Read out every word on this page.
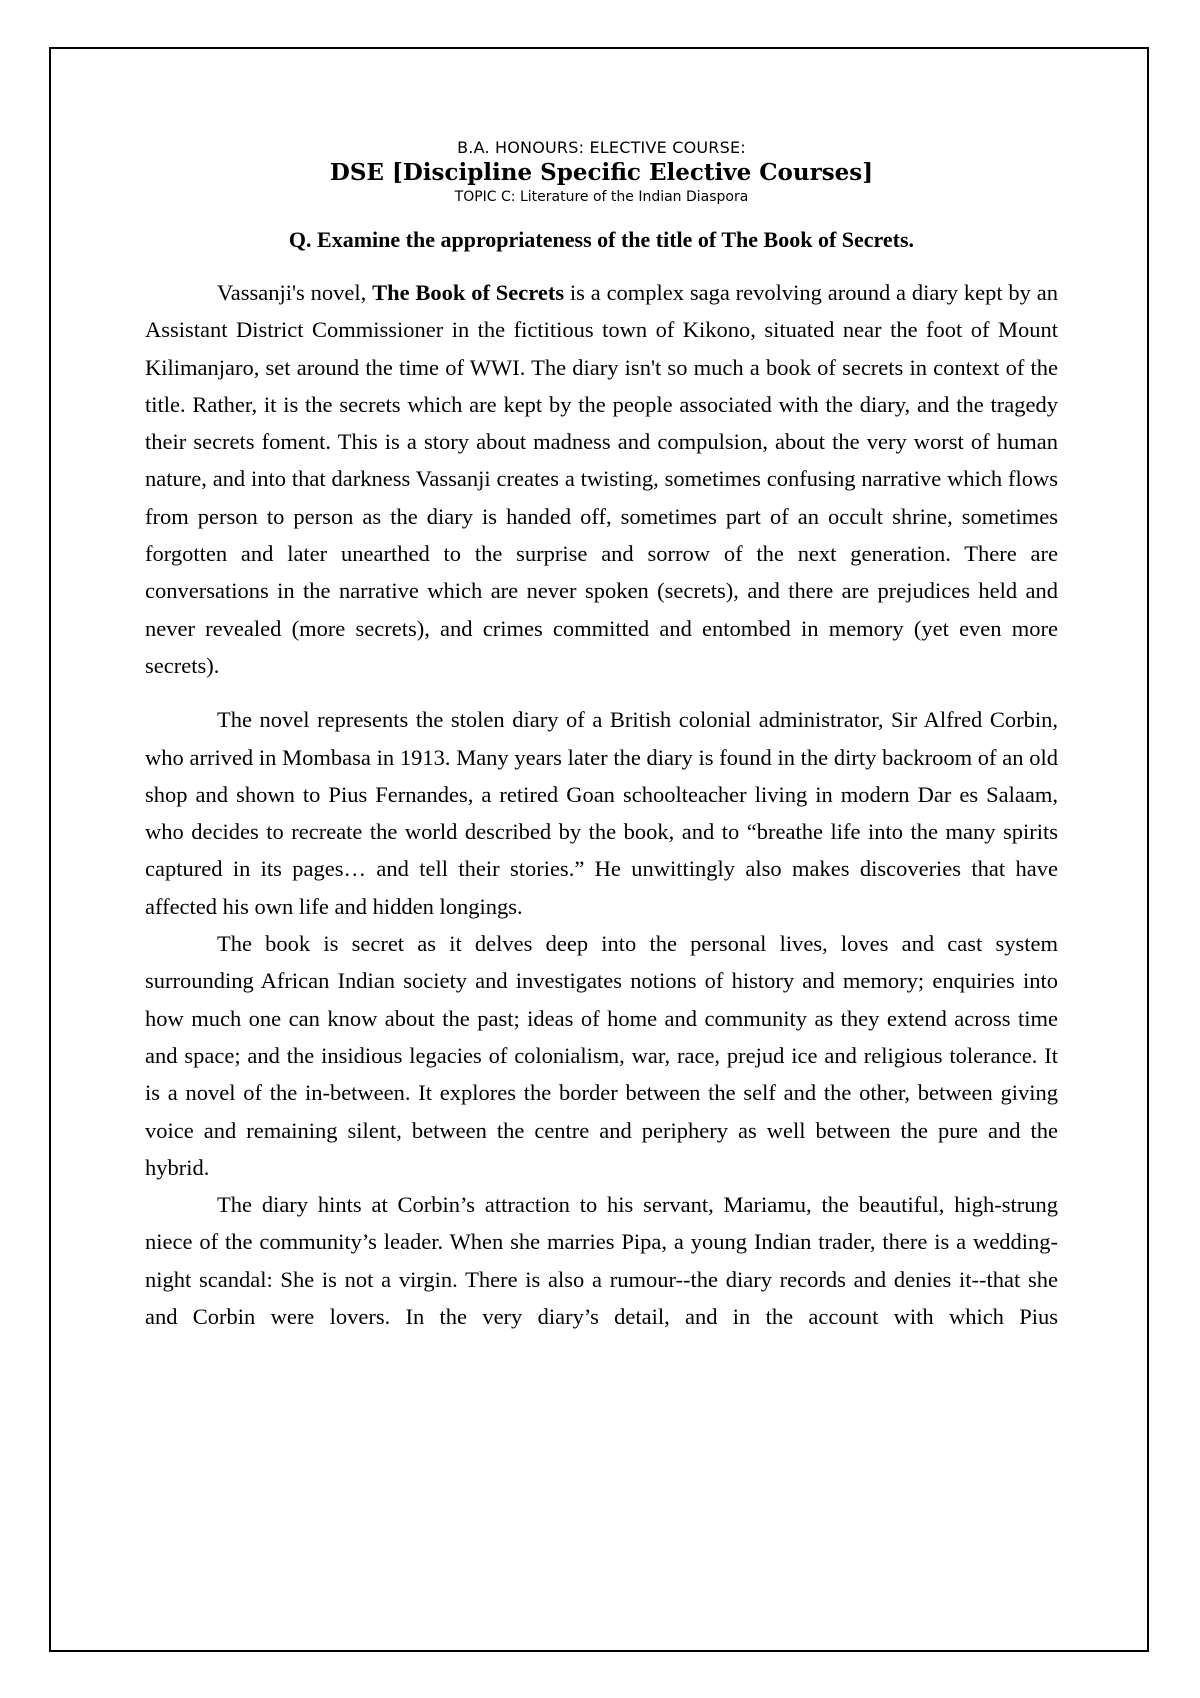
B.A. HONOURS: ELECTIVE COURSE:
DSE [Discipline Specific Elective Courses]
TOPIC C: Literature of the Indian Diaspora
Q. Examine the appropriateness of the title of The Book of Secrets.

Vassanji's novel, The Book of Secrets is a complex saga revolving around a diary kept by an Assistant District Commissioner in the fictitious town of Kikono, situated near the foot of Mount Kilimanjaro, set around the time of WWI. The diary isn't so much a book of secrets in context of the title. Rather, it is the secrets which are kept by the people associated with the diary, and the tragedy their secrets foment. This is a story about madness and compulsion, about the very worst of human nature, and into that darkness Vassanji creates a twisting, sometimes confusing narrative which flows from person to person as the diary is handed off, sometimes part of an occult shrine, sometimes forgotten and later unearthed to the surprise and sorrow of the next generation. There are conversations in the narrative which are never spoken (secrets), and there are prejudices held and never revealed (more secrets), and crimes committed and entombed in memory (yet even more secrets).

The novel represents the stolen diary of a British colonial administrator, Sir Alfred Corbin, who arrived in Mombasa in 1913. Many years later the diary is found in the dirty backroom of an old shop and shown to Pius Fernandes, a retired Goan schoolteacher living in modern Dar es Salaam, who decides to recreate the world described by the book, and to “breathe life into the many spirits captured in its pages… and tell their stories.” He unwittingly also makes discoveries that have affected his own life and hidden longings.

The book is secret as it delves deep into the personal lives, loves and cast system surrounding African Indian society and investigates notions of history and memory; enquiries into how much one can know about the past; ideas of home and community as they extend across time and space; and the insidious legacies of colonialism, war, race, prejud ice and religious tolerance. It is a novel of the in-between. It explores the border between the self and the other, between giving voice and remaining silent, between the centre and periphery as well between the pure and the hybrid.

The diary hints at Corbin’s attraction to his servant, Mariamu, the beautiful, high-strung niece of the community’s leader. When she marries Pipa, a young Indian trader, there is a wedding-night scandal: She is not a virgin. There is also a rumour--the diary records and denies it--that she and Corbin were lovers. In the very diary’s detail, and in the account with which Pius
